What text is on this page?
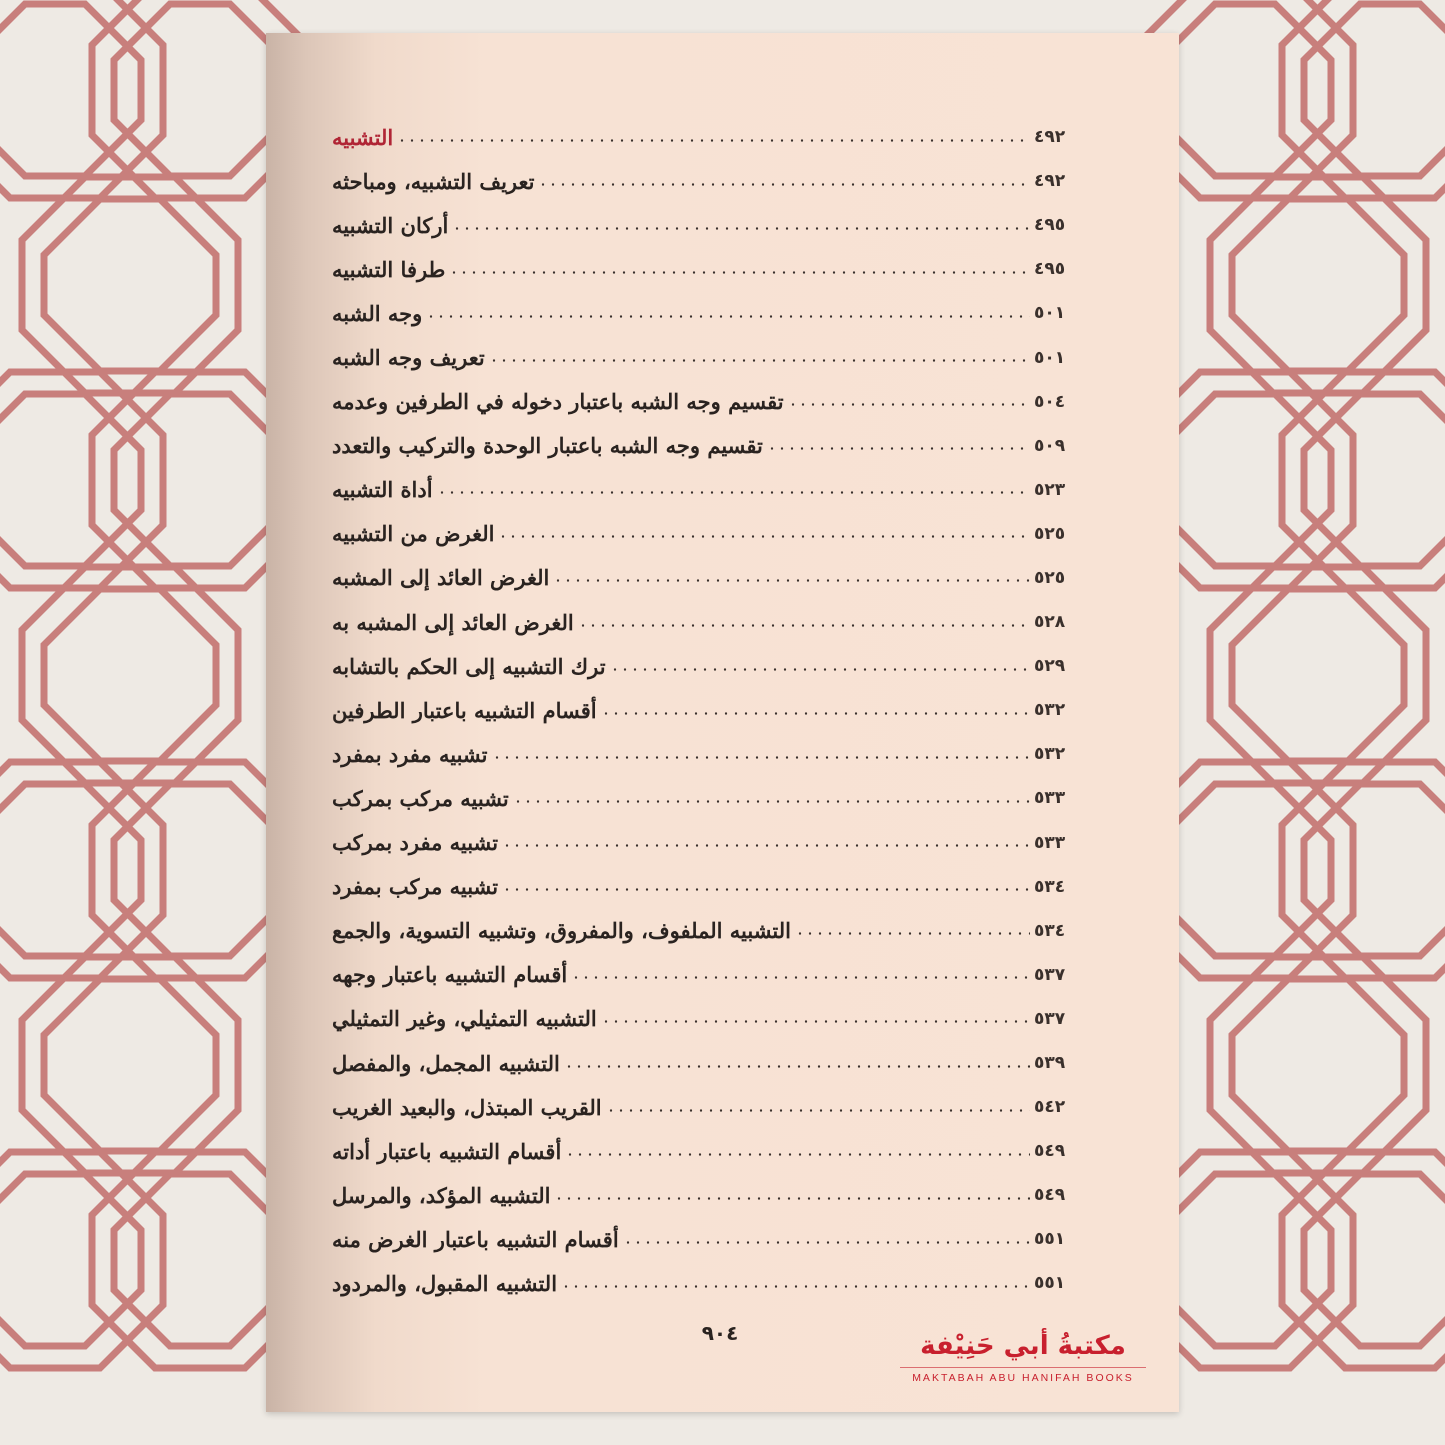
التشبيه	٤٩٢
تعريف التشبيه، ومباحثه	٤٩٢
أركان التشبيه	٤٩٥
طرفا التشبيه	٤٩٥
وجه الشبه	٥٠١
تعريف وجه الشبه	٥٠١
تقسيم وجه الشبه باعتبار دخوله في الطرفين وعدمه	٥٠٤
تقسيم وجه الشبه باعتبار الوحدة والتركيب والتعدد	٥٠٩
أداة التشبيه	٥٢٣
الغرض من التشبيه	٥٢٥
الغرض العائد إلى المشبه	٥٢٥
الغرض العائد إلى المشبه به	٥٢٨
ترك التشبيه إلى الحكم بالتشابه	٥٢٩
أقسام التشبيه باعتبار الطرفين	٥٣٢
تشبيه مفرد بمفرد	٥٣٢
تشبيه مركب بمركب	٥٣٣
تشبيه مفرد بمركب	٥٣٣
تشبيه مركب بمفرد	٥٣٤
التشبيه الملفوف، والمفروق، وتشبيه التسوية، والجمع	٥٣٤
أقسام التشبيه باعتبار وجهه	٥٣٧
التشبيه التمثيلي، وغير التمثيلي	٥٣٧
التشبيه المجمل، والمفصل	٥٣٩
القريب المبتذل، والبعيد الغريب	٥٤٢
أقسام التشبيه باعتبار أداته	٥٤٩
التشبيه المؤكد، والمرسل	٥٤٩
أقسام التشبيه باعتبار الغرض منه	٥٥١
التشبيه المقبول، والمردود	٥٥١
٩٠٤	مكتبةُ أبي حَنِيْفة
MAKTABAH ABU HANIFAH BOOKS
